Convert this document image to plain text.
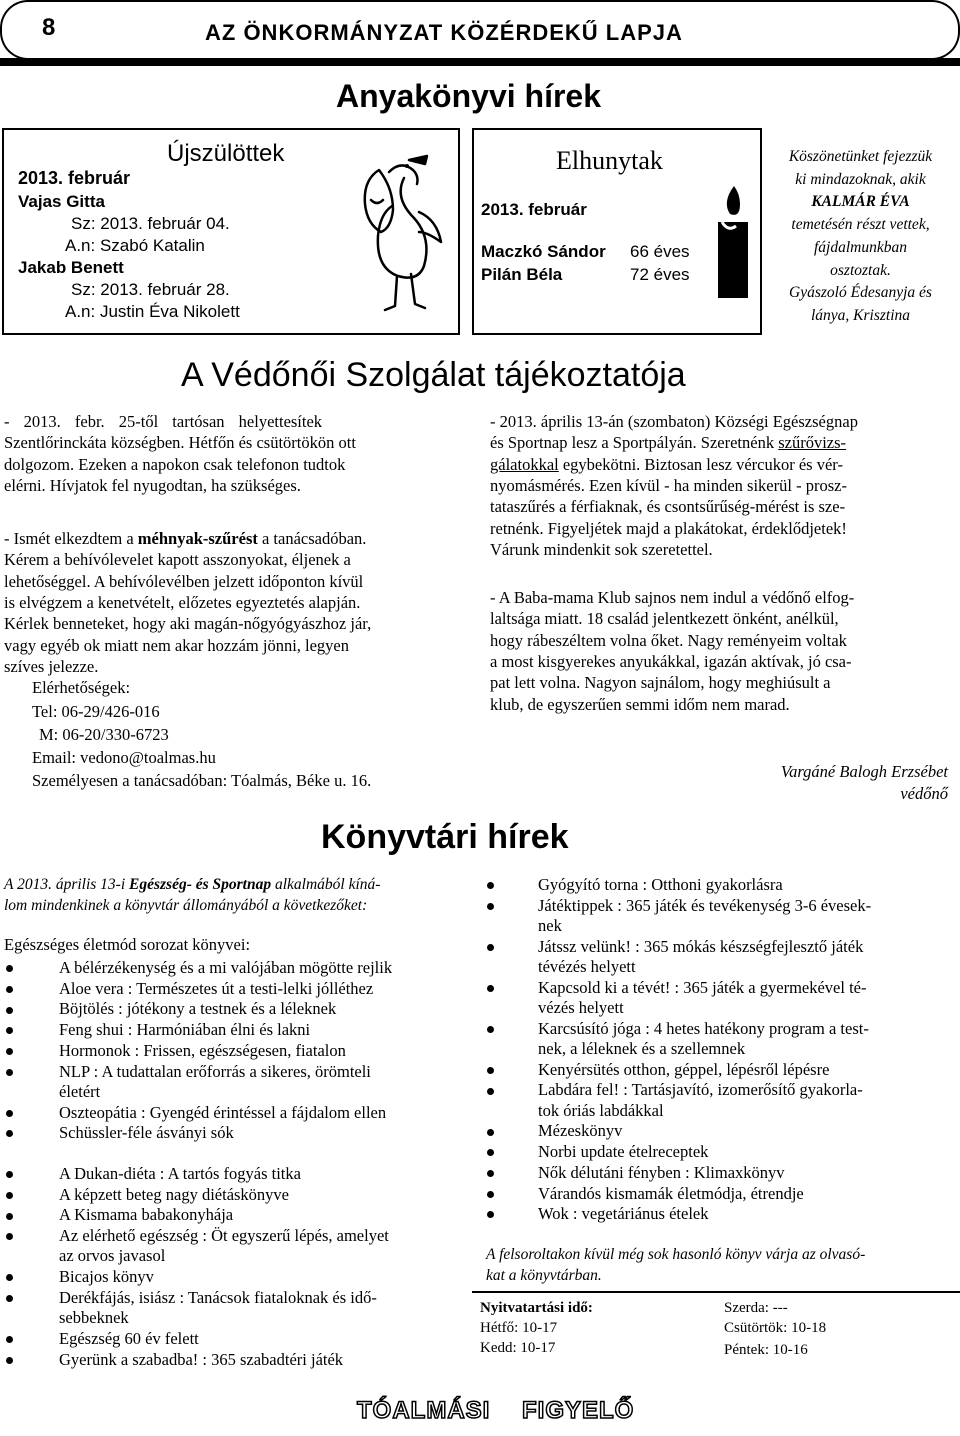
8	AZ ÖNKORMÁNYZAT KÖZÉRDEKŰ LAPJA
Anyakönyvi hírek
Újszülöttek
2013. február
Vajas Gitta
Sz: 2013. február 04.
A.n: Szabó Katalin
Jakab Benett
Sz: 2013. február 28.
A.n: Justin Éva Nikolett
Elhunytak
2013. február
Maczkó Sándor 66 éves
Pilán Béla	72 éves
Köszönetünket fejezzük
ki mindazoknak, akik
KALMÁR ÉVA
temetésén részt vettek,
fájdalmunkban
osztoztak.
Gyászoló Édesanyja és
lánya, Krisztina
A Védőnői Szolgálat tájékoztatója
- 2013. febr. 25-től tartósan helyettesítek
Szentlőrinckáta községben. Hétfőn és csütörtökön ott
dolgozom. Ezeken a napokon csak telefonon tudtok
elérni. Hívjatok fel nyugodtan, ha szükséges.
- Ismét elkezdtem a méhnyak-szűrést a tanácsadóban.
Kérem a behívólevelet kapott asszonyokat, éljenek a
lehetőséggel. A behívólevélben jelzett időponton kívül
is elvégzem a kenetvételt, előzetes egyeztetés alapján.
Kérlek benneteket, hogy aki magán-nőgyógyászhoz jár,
vagy egyéb ok miatt nem akar hozzám jönni, legyen
szíves jelezze.
Elérhetőségek:
Tel: 06-29/426-016
M: 06-20/330-6723
Email: vedono@toalmas.hu
Személyesen a tanácsadóban: Tóalmás, Béke u. 16.
- 2013. április 13-án (szombaton) Községi Egészségnap
és Sportnap lesz a Sportpályán. Szeretnénk szűrővizs-
gálatokkal egybekötni. Biztosan lesz vércukor és vér-
nyomásmérés. Ezen kívül - ha minden sikerül - prosz-
tataszűrés a férfiaknak, és csontsűrűség-mérést is sze-
retnénk. Figyeljétek majd a plakátokat, érdeklődjetek!
Várunk mindenkit sok szeretettel.
- A Baba-mama Klub sajnos nem indul a védőnő elfog-
laltsága miatt. 18 család jelentkezett önként, anélkül,
hogy rábeszéltem volna őket. Nagy reményeim voltak
a most kisgyerekes anyukákkal, igazán aktívak, jó csa-
pat lett volna. Nagyon sajnálom, hogy meghiúsult a
klub, de egyszerűen semmi időm nem marad.
Vargáné Balogh Erzsébet
védőnő
Könyvtári hírek
A 2013. április 13-i Egészség- és Sportnap alkalmából kíná-
lom mindenkinek a könyvtár állományából a következőket:
Egészséges életmód sorozat könyvei:
A bélérzékenység és a mi valójában mögötte rejlik
Aloe vera : Természetes út a testi-lelki jólléthez
Böjtölés : jótékony a testnek és a léleknek
Feng shui : Harmóniában élni és lakni
Hormonok : Frissen, egészségesen, fiatalon
NLP : A tudattalan erőforrás a sikeres, örömteli
életért
Oszteopátia : Gyengéd érintéssel a fájdalom ellen
Schüssler-féle ásványi sók
A Dukan-diéta : A tartós fogyás titka
A képzett beteg nagy diétáskönyve
A Kismama babakonyhája
Az elérhető egészség : Öt egyszerű lépés, amelyet
az orvos javasol
Bicajos könyv
Derékfájás, isiász : Tanácsok fiataloknak és idő-
sebbeknek
Egészség 60 év felett
Gyerünk a szabadba! : 365 szabadtéri játék
Gyógyító torna : Otthoni gyakorlásra
Játéktippek : 365 játék és tevékenység 3-6 évesek-
nek
Játssz velünk! : 365 mókás készségfejlesztő játék
tévézés helyett
Kapcsold ki a tévét! : 365 játék a gyermekével té-
vézés helyett
Karcsúsító jóga : 4 hetes hatékony program a test-
nek, a léleknek és a szellemnek
Kenyérsütés otthon, géppel, lépésről lépésre
Labdára fel! : Tartásjavító, izomerősítő gyakorla-
tok óriás labdákkal
Mézeskönyv
Norbi update ételreceptek
Nők délutáni fényben : Klimaxkönyv
Várandós kismamák életmódja, étrendje
Wok : vegetáriánus ételek
A felsoroltakon kívül még sok hasonló könyv várja az olvasó-
kat a könyvtárban.
Nyitvatartási idő:
Hétfő: 10-17
Kedd: 10-17
Szerda: ---
Csütörtök: 10-18
Péntek: 10-16
TÓALMÁSI FIGYELŐ
